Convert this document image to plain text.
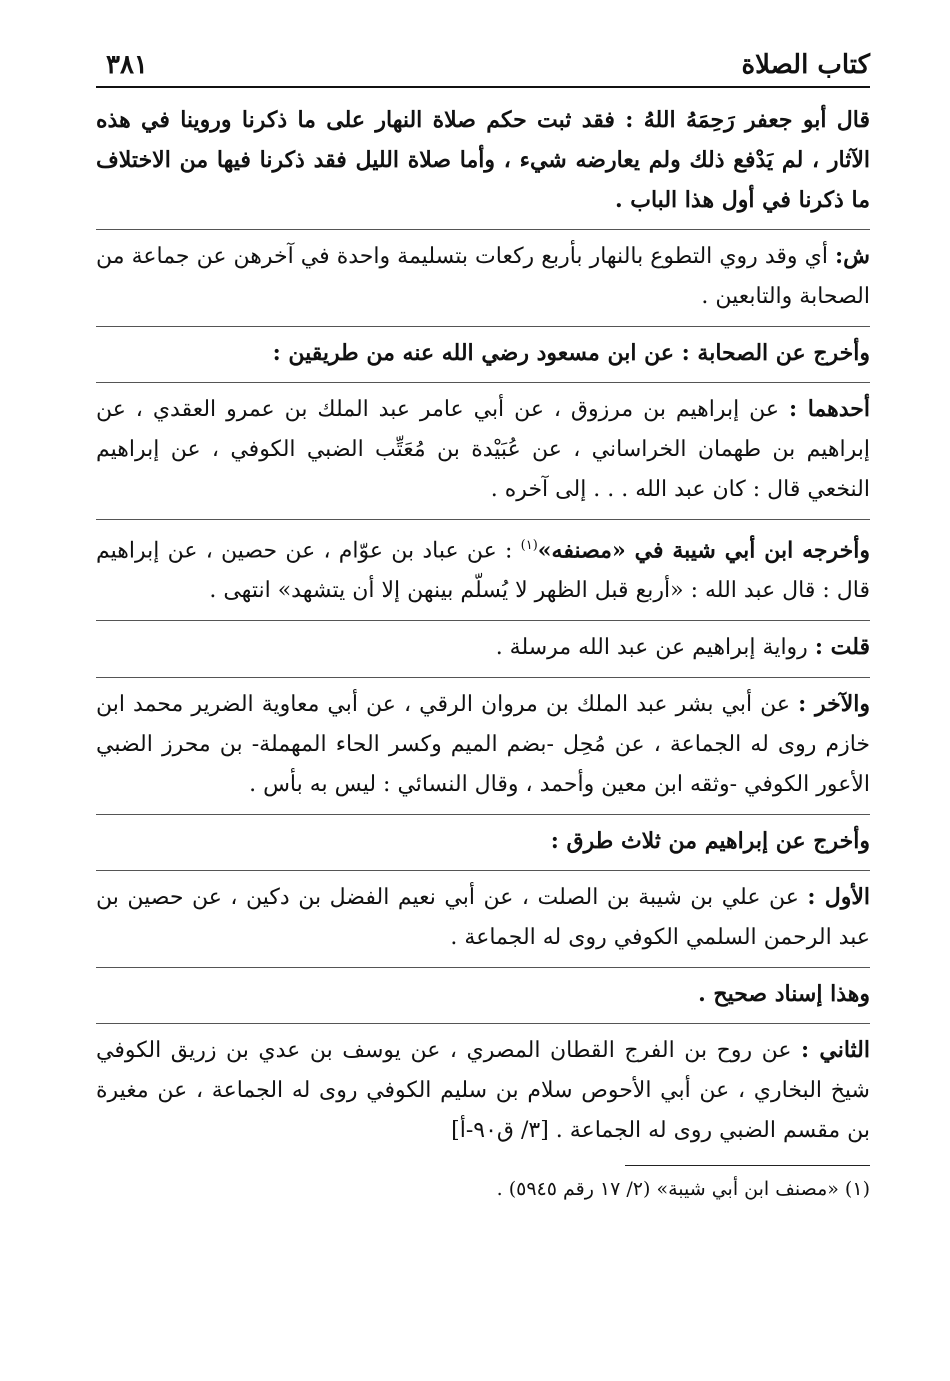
كتاب الصلاة
٣٨١

قال أبو جعفر رَحِمَهُ اللهُ : فقد ثبت حكم صلاة النهار على ما ذكرنا وروينا في هذه الآثار ، لم يَدْفع ذلك ولم يعارضه شيء ، وأما صلاة الليل فقد ذكرنا فيها من الاختلاف ما ذكرنا في أول هذا الباب .

ش: أي وقد روي التطوع بالنهار بأربع ركعات بتسليمة واحدة في آخرهن عن جماعة من الصحابة والتابعين .

وأخرج عن الصحابة : عن ابن مسعود رضي الله عنه من طريقين :

أحدهما : عن إبراهيم بن مرزوق ، عن أبي عامر عبد الملك بن عمرو العقدي ، عن إبراهيم بن طهمان الخراساني ، عن عُبَيْدة بن مُعَتِّب الضبي الكوفي ، عن إبراهيم النخعي قال : كان عبد الله . . . إلى آخره .

وأخرجه ابن أبي شيبة في «مصنفه»$^{(١)}$ : عن عباد بن عوّام ، عن حصين ، عن إبراهيم قال : قال عبد الله : «أربع قبل الظهر لا يُسلّم بينهن إلا أن يتشهد» انتهى .

قلت : رواية إبراهيم عن عبد الله مرسلة .

والآخر : عن أبي بشر عبد الملك بن مروان الرقي ، عن أبي معاوية الضرير محمد ابن خازم روى له الجماعة ، عن مُحِل -بضم الميم وكسر الحاء المهملة- بن محرز الضبي الأعور الكوفي -وثقه ابن معين وأحمد ، وقال النسائي : ليس به بأس .

وأخرج عن إبراهيم من ثلاث طرق :

الأول : عن علي بن شيبة بن الصلت ، عن أبي نعيم الفضل بن دكين ، عن حصين بن عبد الرحمن السلمي الكوفي روى له الجماعة .

وهذا إسناد صحيح .

الثاني : عن روح بن الفرج القطان المصري ، عن يوسف بن عدي بن زريق الكوفي شيخ البخاري ، عن أبي الأحوص سلام بن سليم الكوفي روى له الجماعة ، عن مغيرة بن مقسم الضبي روى له الجماعة . [٣/ ق٩٠-أ]

(١) «مصنف ابن أبي شيبة» (٢/ ١٧ رقم ٥٩٤٥) .
